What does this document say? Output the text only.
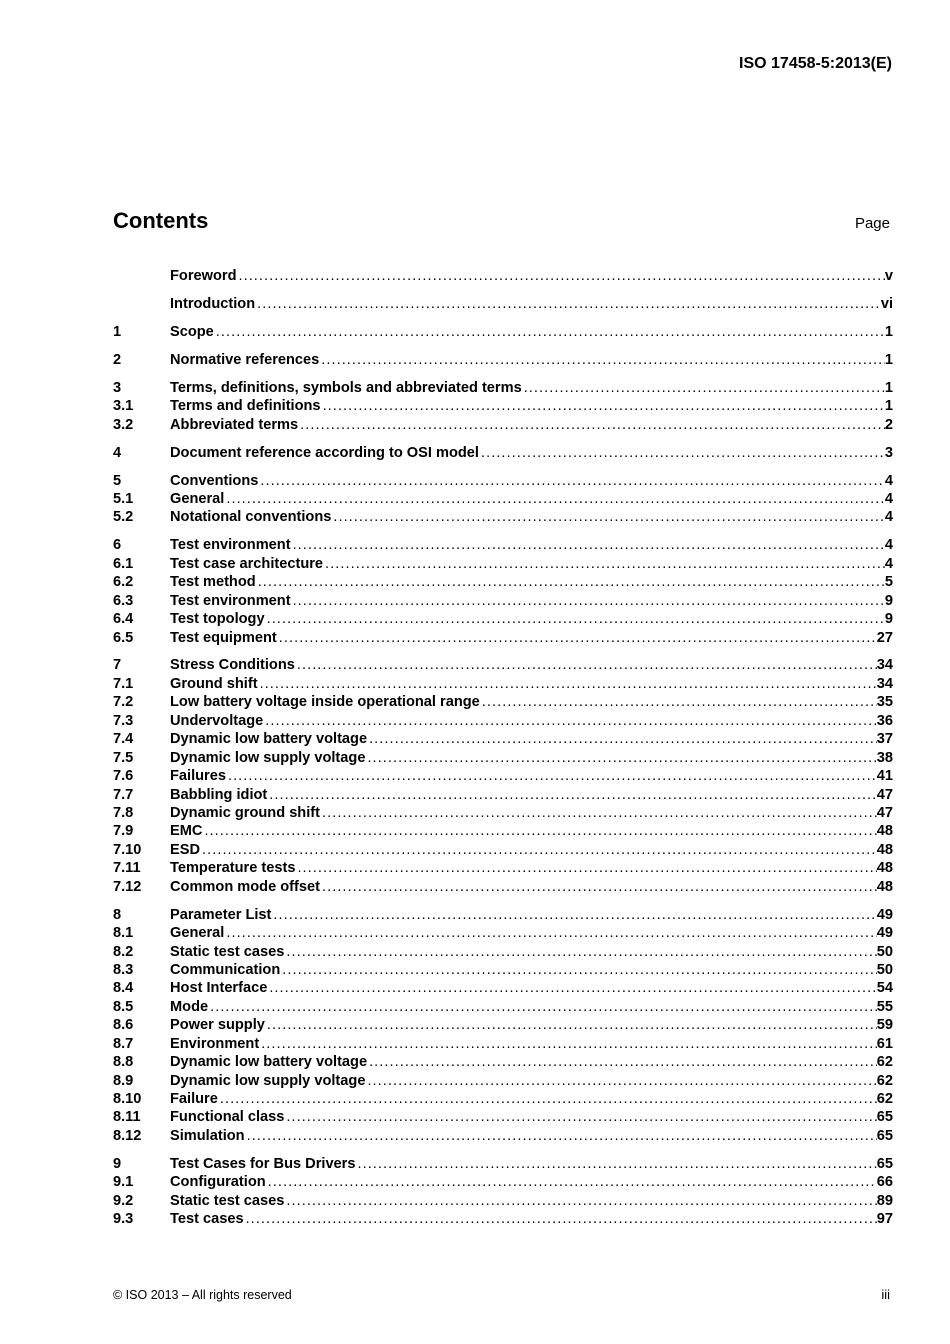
ISO 17458-5:2013(E)
Contents	Page
Foreword . . .	v
Introduction . . .	vi
1	Scope . . .	1
2	Normative references . . .	1
3	Terms, definitions, symbols and abbreviated terms . . .	1
3.1	Terms and definitions . . .	1
3.2	Abbreviated terms . . .	2
4	Document reference according to OSI model . . .	3
5	Conventions . . .	4
5.1	General . . .	4
5.2	Notational conventions . . .	4
6	Test environment . . .	4
6.1	Test case architecture . . .	4
6.2	Test method . . .	5
6.3	Test environment . . .	9
6.4	Test topology . . .	9
6.5	Test equipment . . .	27
7	Stress Conditions . . .	34
7.1	Ground shift . . .	34
7.2	Low battery voltage inside operational range . . .	35
7.3	Undervoltage . . .	36
7.4	Dynamic low battery voltage . . .	37
7.5	Dynamic low supply voltage . . .	38
7.6	Failures . . .	41
7.7	Babbling idiot . . .	47
7.8	Dynamic ground shift . . .	47
7.9	EMC . . .	48
7.10	ESD . . .	48
7.11	Temperature tests . . .	48
7.12	Common mode offset . . .	48
8	Parameter List . . .	49
8.1	General . . .	49
8.2	Static test cases . . .	50
8.3	Communication . . .	50
8.4	Host Interface . . .	54
8.5	Mode . . .	55
8.6	Power supply . . .	59
8.7	Environment . . .	61
8.8	Dynamic low battery voltage . . .	62
8.9	Dynamic low supply voltage . . .	62
8.10	Failure . . .	62
8.11	Functional class . . .	65
8.12	Simulation . . .	65
9	Test Cases for Bus Drivers . . .	65
9.1	Configuration . . .	66
9.2	Static test cases . . .	89
9.3	Test cases . . .	97
© ISO 2013 – All rights reserved	iii
